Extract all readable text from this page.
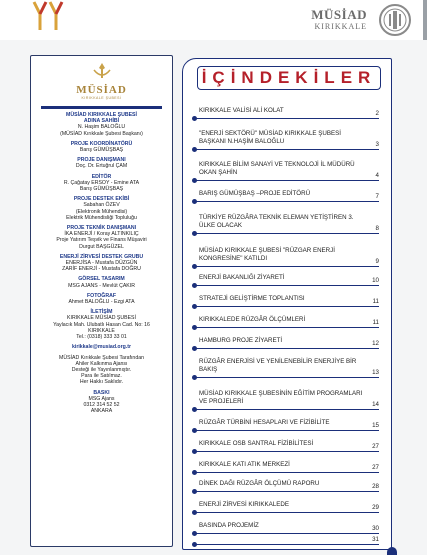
MÜSİAD
KIRIKKALE
MÜSİAD
KIRIKKALE ŞUBESİ
MÜSİAD KIRIKKALE ŞUBESİ
ADINA SAHİBİ
N. Haşim BALOĞLU
(MÜSİAD Kırıkkale Şubesi Başkanı)
PROJE KOORDİNATÖRÜ
Barış GÜMÜŞBAŞ
PROJE DANIŞMANI
Doç. Dr. Ertuğrul ÇAM
EDİTÖR
R. Çağatay ERSOY - Emine ATA
Barış GÜMÜŞBAŞ
PROJE DESTEK EKİBİ
Sabahan ÖZEV
(Elektronik Mühendisi)
Elektrik Mühendisliği Topluluğu
PROJE TEKNİK DANIŞMANI
İKA ENERJİ / Koray ALTINKILIÇ
Proje Yatırım Teşvik ve Finans Müşaviri
Durgut BAŞGÜZEL
ENERJİ ZİRVESİ DESTEK GRUBU
ENERJİSA - Mustafa DÜZGÜN
ZARİF ENERJİ - Mustafa DOĞRU
GÖRSEL TASARIM
MSG AJANS - Mevlüt ÇAKIR
FOTOĞRAF
Ahmet BALOĞLU - Ezgi ATA
İLETİŞİM
KIRIKKALE MÜSİAD ŞUBESİ
Yaylacık Mah. Ulubatlı Hasan Cad. No: 16
KIRIKKALE
Tel.: (0318) 333 33 01
kirikkale@musiad.org.tr
MÜSİAD Kırıkkale Şubesi Tarafından
Ahiler Kalkınma Ajansı
Desteği ile Yayınlanmıştır.
Para ile Satılmaz.
Her Hakkı Saklıdır.
BASKI
MSG Ajans
0312 314 52 52
ANKARA
İÇİNDEKİLER
KIRIKKALE VALİSİ ALİ KOLAT	2
"ENERJİ SEKTÖRÜ" MÜSİAD KIRIKKALE ŞUBESİ BAŞKANI N.HAŞİM BALOĞLU	3
KIRIKKALE BİLİM SANAYİ VE TEKNOLOJİ İL MÜDÜRÜ OKAN ŞAHİN	4
BARIŞ GÜMÜŞBAŞ –PROJE EDİTÖRÜ	7
TÜRKİYE RÜZGÂRA TEKNİK ELEMAN YETİŞTİREN 3. ÜLKE OLACAK	8
MÜSİAD KIRIKKALE ŞUBESİ "RÜZGAR ENERJİ KONGRESİNE" KATILDI	9
ENERJİ BAKANLIĞI ZİYARETİ	10
STRATEJİ GELİŞTİRME TOPLANTISI	11
KIRIKKALEDE RÜZGÂR ÖLÇÜMLERİ	11
HAMBURG PROJE ZİYARETİ	12
RÜZGÂR ENERJİSİ VE YENİLENEBİLİR ENERJİYE BİR BAKIŞ	13
MÜSİAD KIRIKKALE ŞUBESİNİN EĞİTİM PROGRAMLARI VE PROJELERİ	14
RÜZGÂR TÜRBİNİ HESAPLARI VE FİZİBİLİTE	15
KIRIKKALE OSB SANTRAL FİZİBİLİTESİ	27
KIRIKKALE KATI ATIK MERKEZİ	27
DİNEK DAĞI RÜZGÂR ÖLÇÜMÜ RAPORU	28
ENERJİ ZİRVESİ KIRIKKALEDE	29
BASINDA PROJEMİZ	30
31
